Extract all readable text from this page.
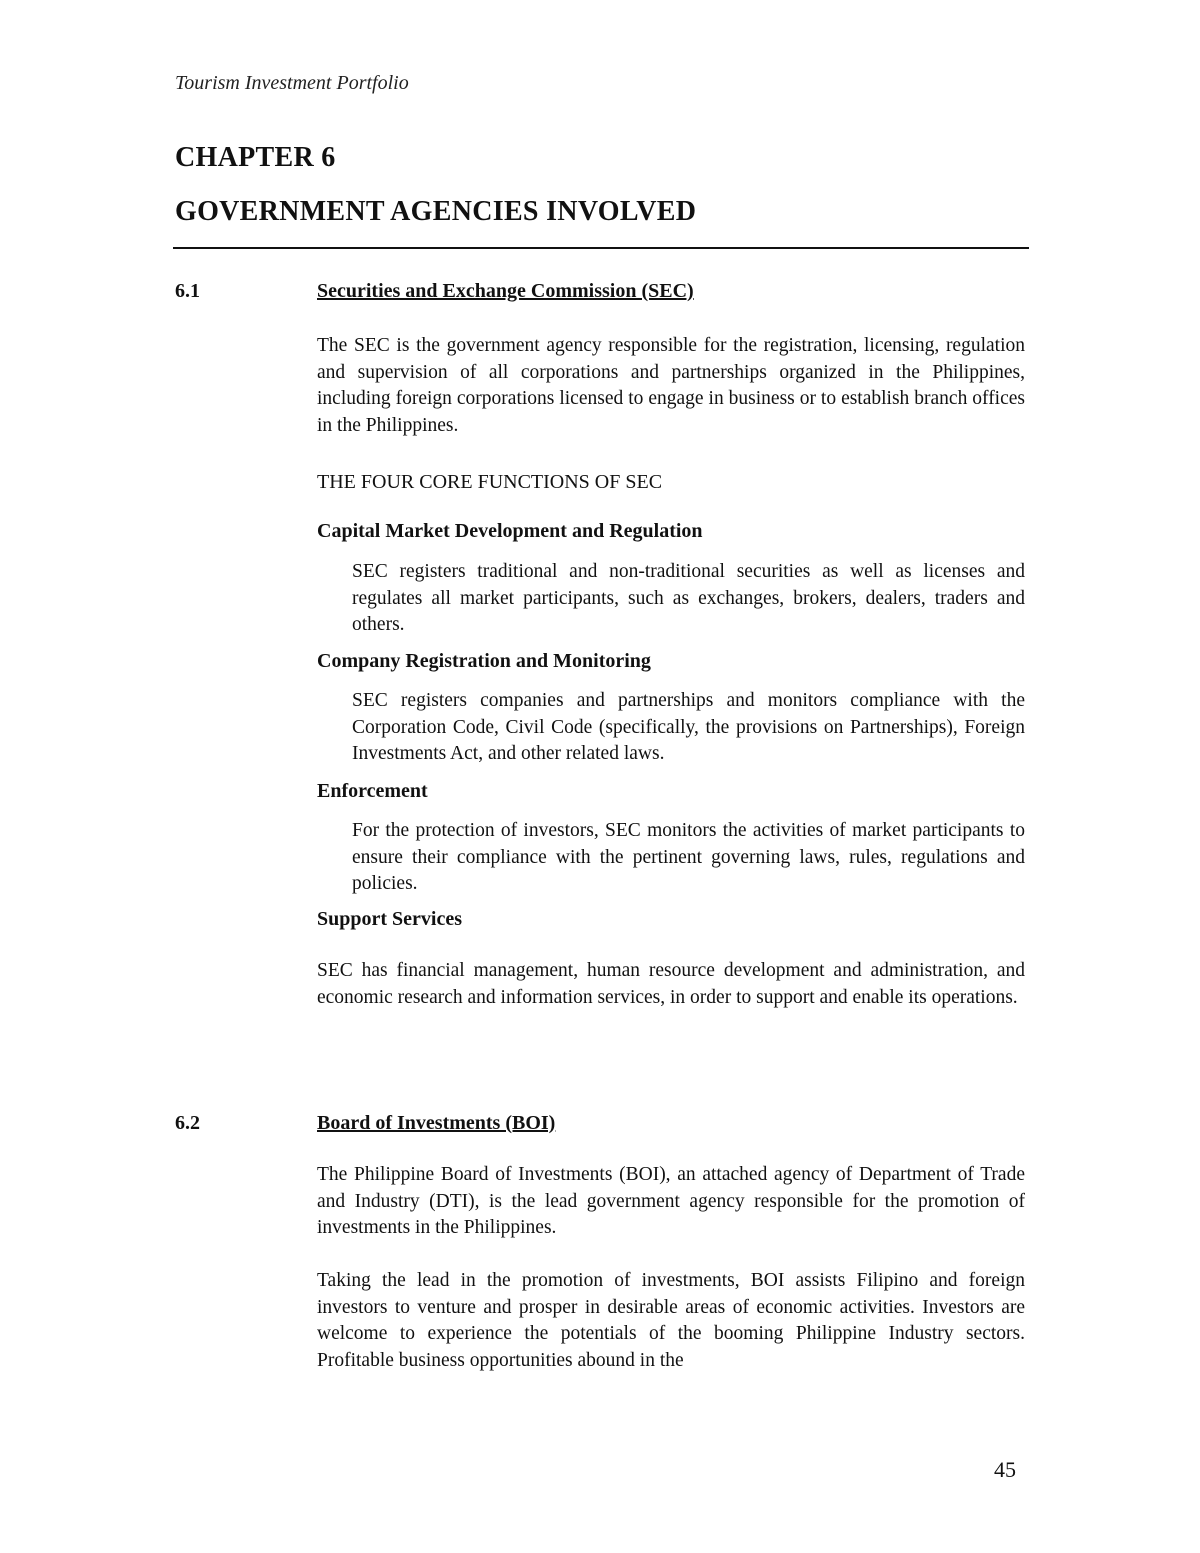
Tourism Investment Portfolio
CHAPTER 6
GOVERNMENT AGENCIES INVOLVED
6.1	Securities and Exchange Commission (SEC)
The SEC is the government agency responsible for the registration, licensing, regulation and supervision of all corporations and partnerships organized in the Philippines, including foreign corporations licensed to engage in business or to establish branch offices in the Philippines.
THE FOUR CORE FUNCTIONS OF SEC
Capital Market Development and Regulation
SEC registers traditional and non-traditional securities as well as licenses and regulates all market participants, such as exchanges, brokers, dealers, traders and others.
Company Registration and Monitoring
SEC registers companies and partnerships and monitors compliance with the Corporation Code, Civil Code (specifically, the provisions on Partnerships), Foreign Investments Act, and other related laws.
Enforcement
For the protection of investors, SEC monitors the activities of market participants to ensure their compliance with the pertinent governing laws, rules, regulations and policies.
Support Services
SEC has financial management, human resource development and administration, and economic research and information services, in order to support and enable its operations.
6.2	Board of Investments (BOI)
The Philippine Board of Investments (BOI), an attached agency of Department of Trade and Industry (DTI), is the lead government agency responsible for the promotion of investments in the Philippines.
Taking the lead in the promotion of investments, BOI assists Filipino and foreign investors to venture and prosper in desirable areas of economic activities. Investors are welcome to experience the potentials of the booming Philippine Industry sectors. Profitable business opportunities abound in the
45
